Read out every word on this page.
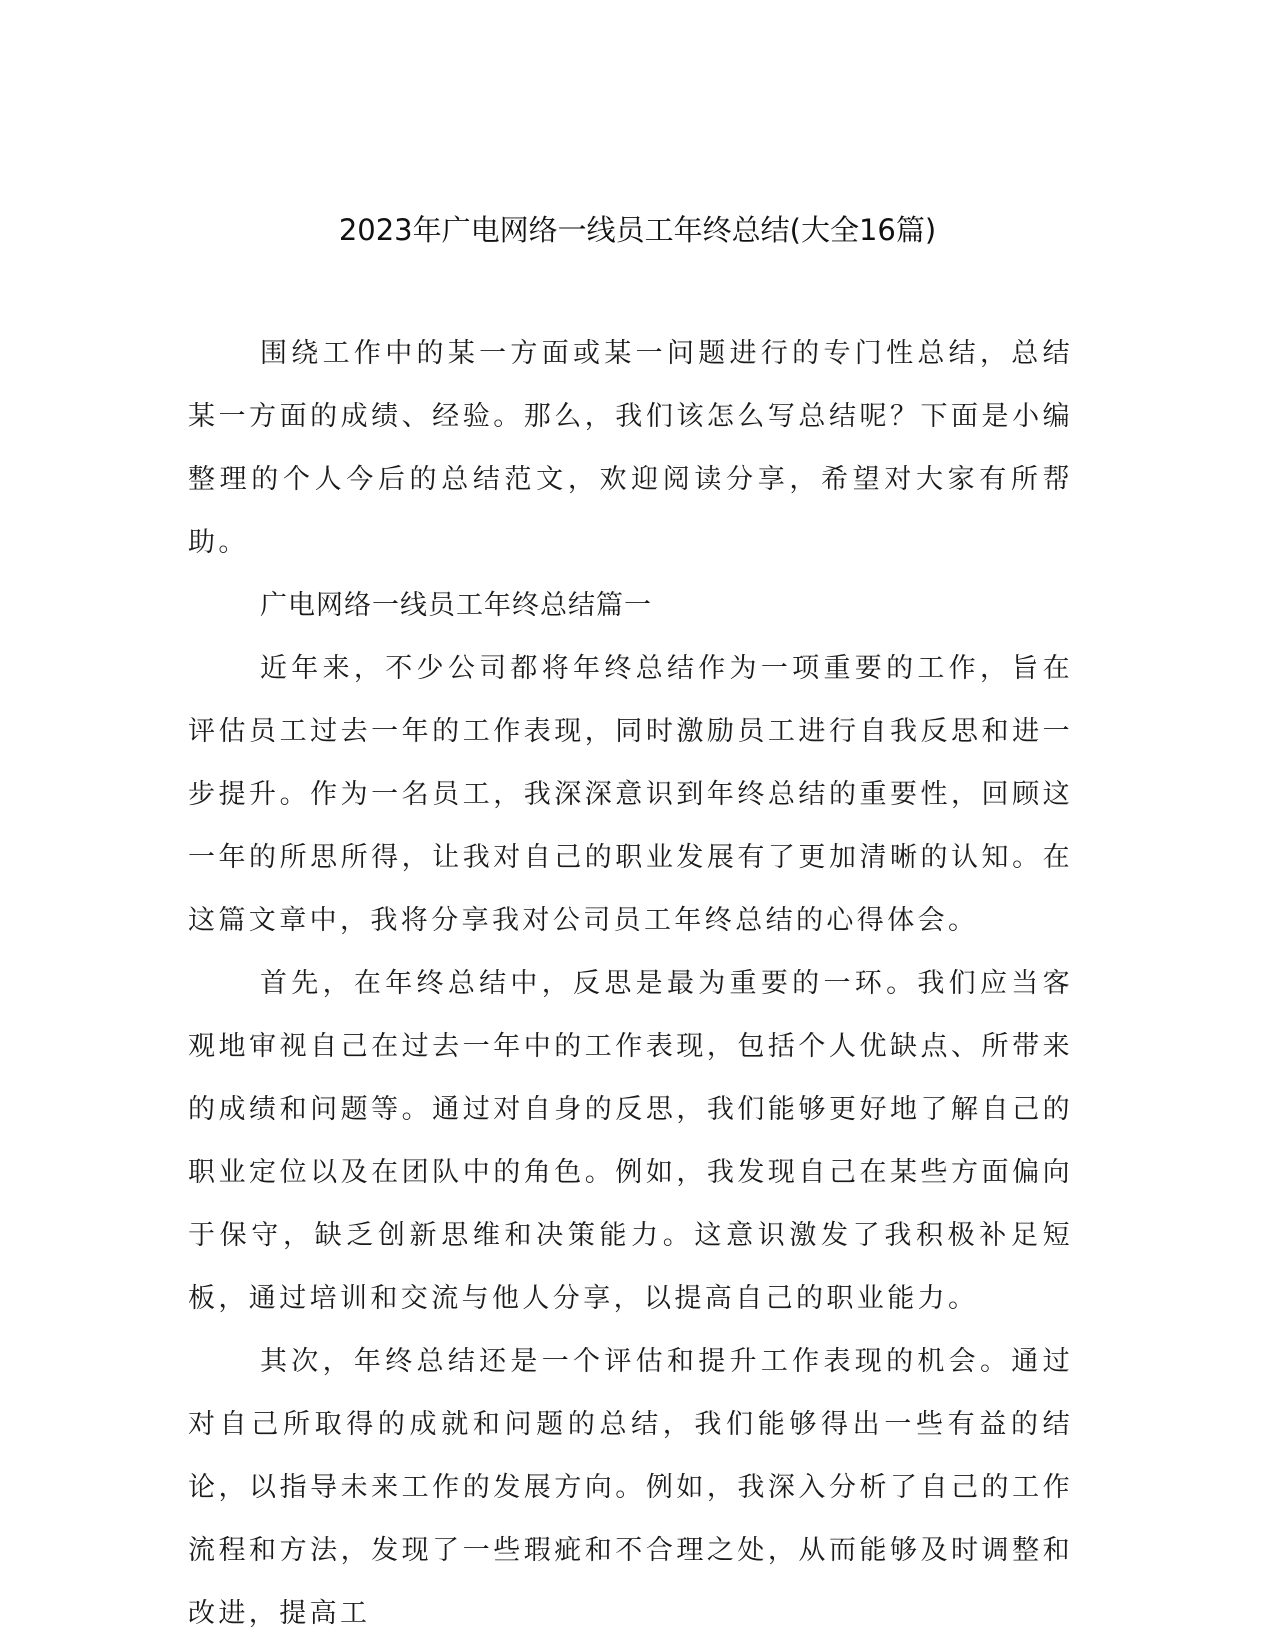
2023年广电网络一线员工年终总结(大全16篇)

围绕工作中的某一方面或某一问题进行的专门性总结，总结某一方面的成绩、经验。那么，我们该怎么写总结呢？下面是小编整理的个人今后的总结范文，欢迎阅读分享，希望对大家有所帮助。

广电网络一线员工年终总结篇一

近年来，不少公司都将年终总结作为一项重要的工作，旨在评估员工过去一年的工作表现，同时激励员工进行自我反思和进一步提升。作为一名员工，我深深意识到年终总结的重要性，回顾这一年的所思所得，让我对自己的职业发展有了更加清晰的认知。在这篇文章中，我将分享我对公司员工年终总结的心得体会。

首先，在年终总结中，反思是最为重要的一环。我们应当客观地审视自己在过去一年中的工作表现，包括个人优缺点、所带来的成绩和问题等。通过对自身的反思，我们能够更好地了解自己的职业定位以及在团队中的角色。例如，我发现自己在某些方面偏向于保守，缺乏创新思维和决策能力。这意识激发了我积极补足短板，通过培训和交流与他人分享，以提高自己的职业能力。

其次，年终总结还是一个评估和提升工作表现的机会。通过对自己所取得的成就和问题的总结，我们能够得出一些有益的结论，以指导未来工作的发展方向。例如，我深入分析了自己的工作流程和方法，发现了一些瑕疵和不合理之处，从而能够及时调整和改进，提高工
